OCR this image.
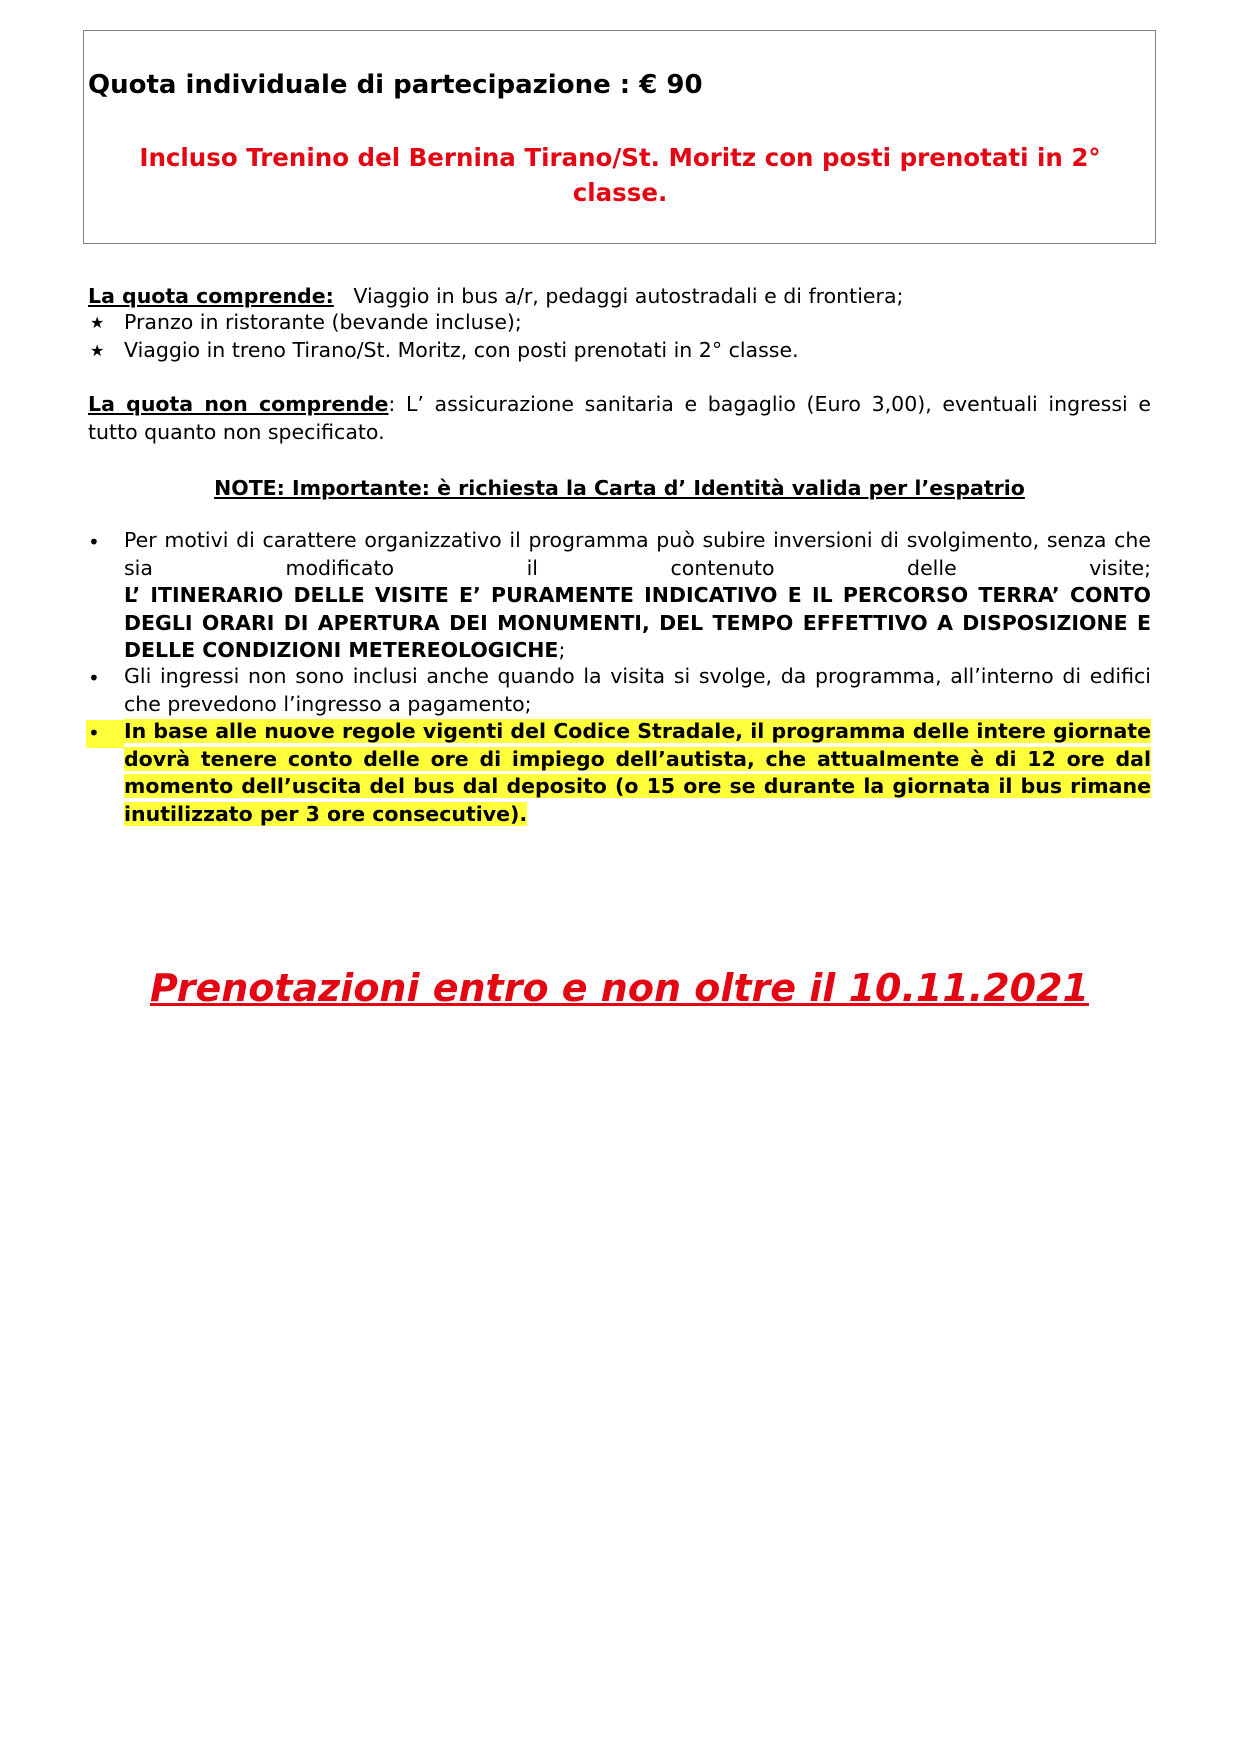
Quota individuale di partecipazione : € 90
Incluso Trenino del Bernina Tirano/St. Moritz con posti prenotati in 2° classe.
La quota comprende: Viaggio in bus a/r, pedaggi autostradali e di frontiera;
★ Pranzo in ristorante (bevande incluse);
★ Viaggio in treno Tirano/St. Moritz, con posti prenotati in 2° classe.
La quota non comprende: L’ assicurazione sanitaria e bagaglio (Euro 3,00), eventuali ingressi e tutto quanto non specificato.
NOTE: Importante: è richiesta la Carta d’ Identità valida per l’espatrio
• Per motivi di carattere organizzativo il programma può subire inversioni di svolgimento, senza che sia modificato il contenuto delle visite;
L’ ITINERARIO DELLE VISITE E’ PURAMENTE INDICATIVO E IL PERCORSO TERRA’ CONTO DEGLI ORARI DI APERTURA DEI MONUMENTI, DEL TEMPO EFFETTIVO A DISPOSIZIONE E DELLE CONDIZIONI METEREOLOGICHE;
• Gli ingressi non sono inclusi anche quando la visita si svolge, da programma, all’interno di edifici che prevedono l’ingresso a pagamento;
• In base alle nuove regole vigenti del Codice Stradale, il programma delle intere giornate dovrà tenere conto delle ore di impiego dell’autista, che attualmente è di 12 ore dal momento dell’uscita del bus dal deposito (o 15 ore se durante la giornata il bus rimane inutilizzato per 3 ore consecutive).
Prenotazioni entro e non oltre il 10.11.2021
